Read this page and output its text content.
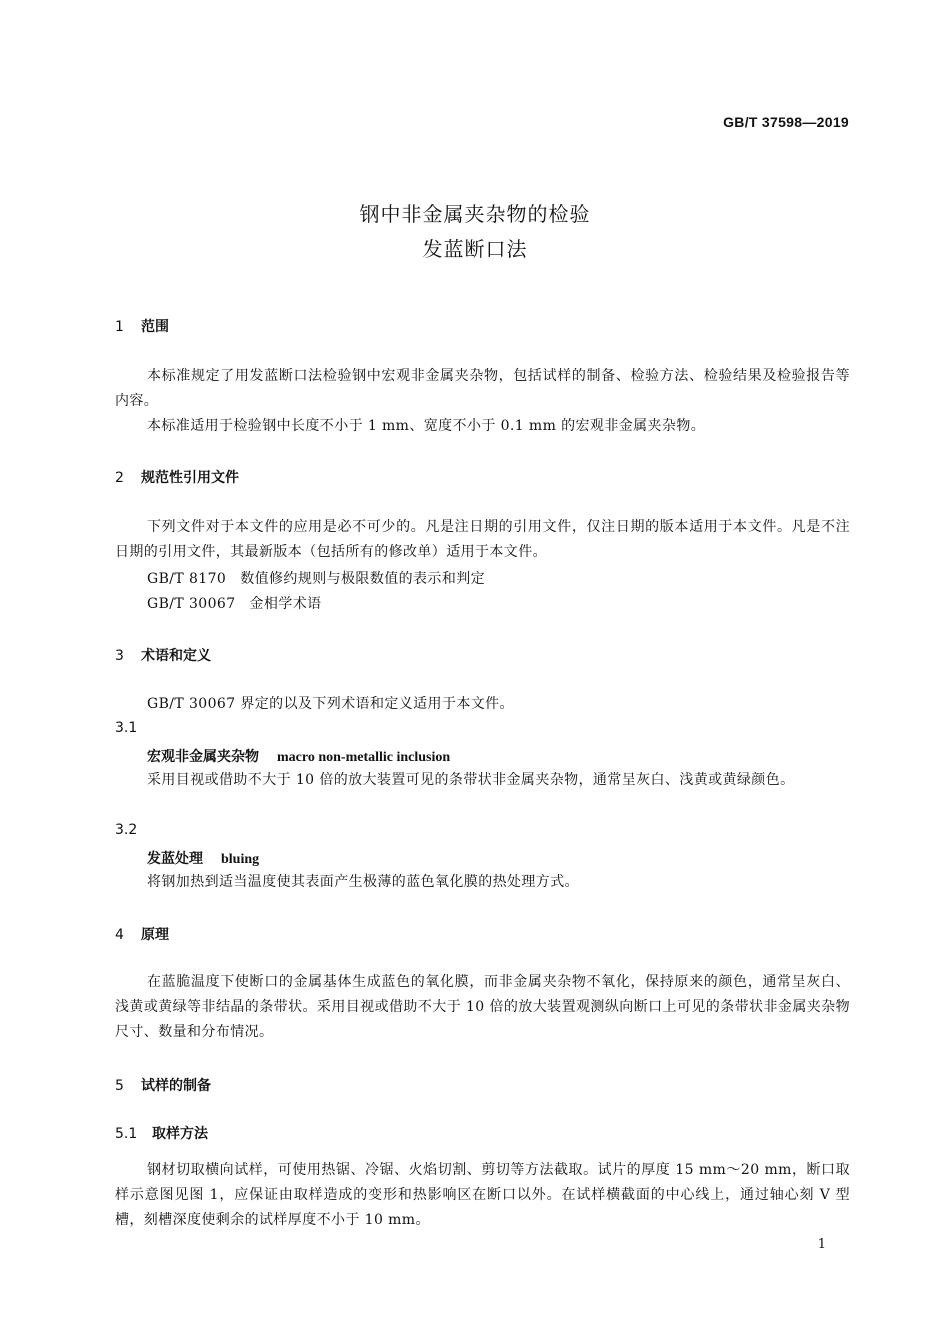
GB/T 37598—2019
钢中非金属夹杂物的检验
发蓝断口法
1 范围
本标准规定了用发蓝断口法检验钢中宏观非金属夹杂物，包括试样的制备、检验方法、检验结果及检验报告等内容。
本标准适用于检验钢中长度不小于 1 mm、宽度不小于 0.1 mm 的宏观非金属夹杂物。
2 规范性引用文件
下列文件对于本文件的应用是必不可少的。凡是注日期的引用文件，仅注日期的版本适用于本文件。凡是不注日期的引用文件，其最新版本（包括所有的修改单）适用于本文件。
GB/T 8170 数值修约规则与极限数值的表示和判定
GB/T 30067 金相学术语
3 术语和定义
GB/T 30067 界定的以及下列术语和定义适用于本文件。
3.1
宏观非金属夹杂物 macro non-metallic inclusion
采用目视或借助不大于 10 倍的放大装置可见的条带状非金属夹杂物，通常呈灰白、浅黄或黄绿颜色。
3.2
发蓝处理 bluing
将钢加热到适当温度使其表面产生极薄的蓝色氧化膜的热处理方式。
4 原理
在蓝脆温度下使断口的金属基体生成蓝色的氧化膜，而非金属夹杂物不氧化，保持原来的颜色，通常呈灰白、浅黄或黄绿等非结晶的条带状。采用目视或借助不大于 10 倍的放大装置观测纵向断口上可见的条带状非金属夹杂物尺寸、数量和分布情况。
5 试样的制备
5.1 取样方法
钢材切取横向试样，可使用热锯、冷锯、火焰切割、剪切等方法截取。试片的厚度 15 mm～20 mm，断口取样示意图见图 1，应保证由取样造成的变形和热影响区在断口以外。在试样横截面的中心线上，通过轴心刻 V 型槽，刻槽深度使剩余的试样厚度不小于 10 mm。
1
